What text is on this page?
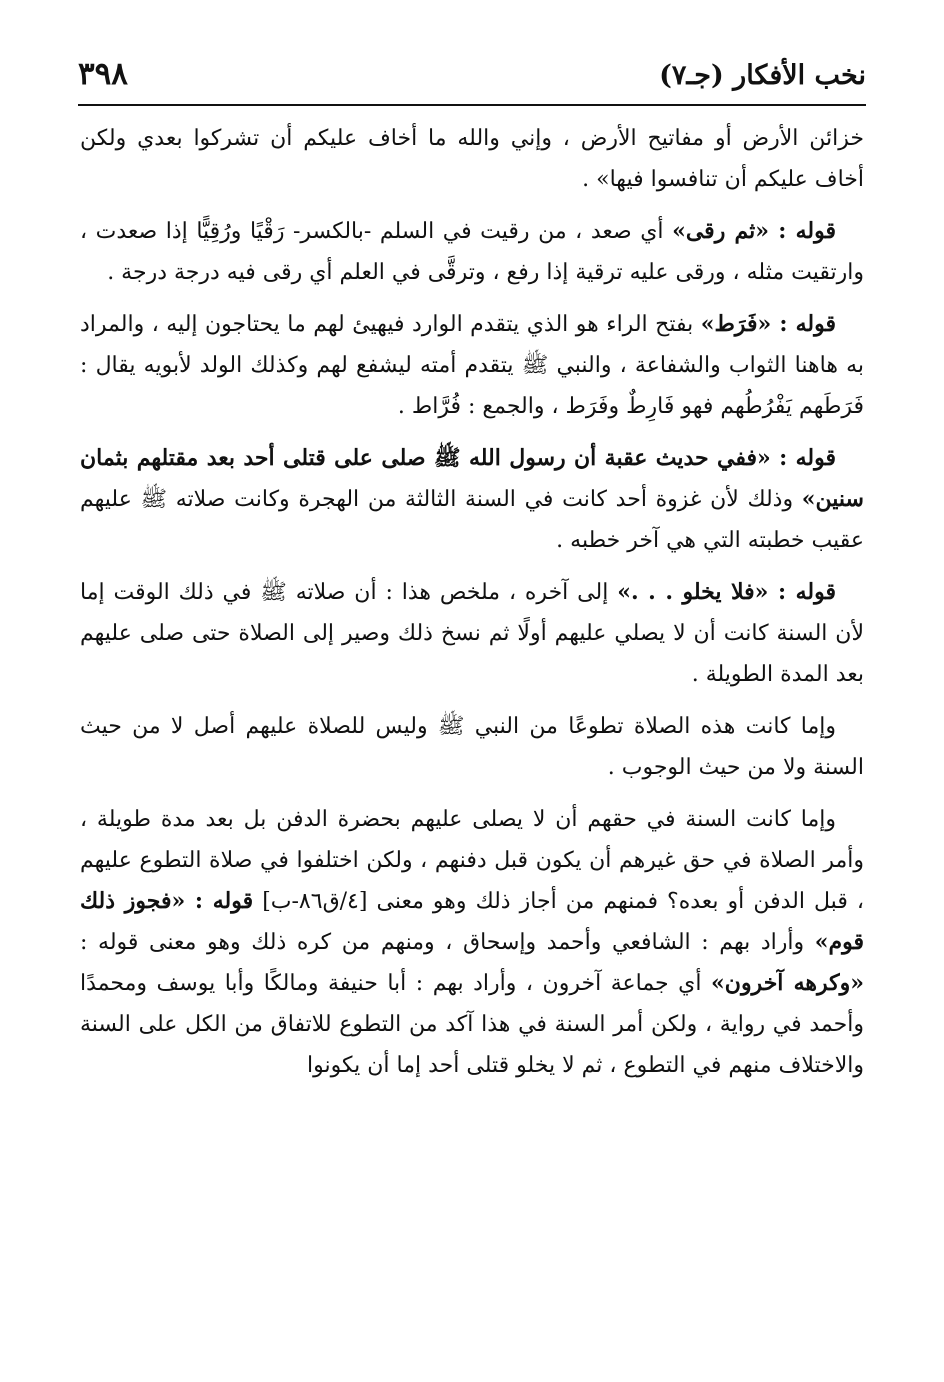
نخب الأفكار (جـ٧)
٣٩٨

خزائن الأرض أو مفاتيح الأرض ، وإني والله ما أخاف عليكم أن تشركوا بعدي ولكن أخاف عليكم أن تنافسوا فيها» .

قوله : «ثم رقى» أي صعد ، من رقيت في السلم -بالكسر- رَقْيًا ورُقِيًّا إذا صعدت ، وارتقيت مثله ، ورقى عليه ترقية إذا رفع ، وترقَّى في العلم أي رقى فيه درجة درجة .

قوله : «فَرَط» بفتح الراء هو الذي يتقدم الوارد فيهيئ لهم ما يحتاجون إليه ، والمراد به هاهنا الثواب والشفاعة ، والنبي ﷺ يتقدم أمته ليشفع لهم وكذلك الولد لأبويه يقال : فَرَطَهم يَفْرُطُهم فهو فَارِطٌ وفَرَط ، والجمع : فُرَّاط .

قوله : «ففي حديث عقبة أن رسول الله ﷺ صلى على قتلى أحد بعد مقتلهم بثمان سنين» وذلك لأن غزوة أحد كانت في السنة الثالثة من الهجرة وكانت صلاته ﷺ عليهم عقيب خطبته التي هي آخر خطبه .

قوله : «فلا يخلو . . .» إلى آخره ، ملخص هذا : أن صلاته ﷺ في ذلك الوقت إما لأن السنة كانت أن لا يصلي عليهم أولًا ثم نسخ ذلك وصير إلى الصلاة حتى صلى عليهم بعد المدة الطويلة .

وإما كانت هذه الصلاة تطوعًا من النبي ﷺ وليس للصلاة عليهم أصل لا من حيث السنة ولا من حيث الوجوب .

وإما كانت السنة في حقهم أن لا يصلى عليهم بحضرة الدفن بل بعد مدة طويلة ، وأمر الصلاة في حق غيرهم أن يكون قبل دفنهم ، ولكن اختلفوا في صلاة التطوع عليهم ، قبل الدفن أو بعده؟ فمنهم من أجاز ذلك وهو معنى [٤/ق٨٦-ب] قوله : «فجوز ذلك قوم» وأراد بهم : الشافعي وأحمد وإسحاق ، ومنهم من كره ذلك وهو معنى قوله : «وكرهه آخرون» أي جماعة آخرون ، وأراد بهم : أبا حنيفة ومالكًا وأبا يوسف ومحمدًا وأحمد في رواية ، ولكن أمر السنة في هذا آكد من التطوع للاتفاق من الكل على السنة والاختلاف منهم في التطوع ، ثم لا يخلو قتلى أحد إما أن يكونوا
